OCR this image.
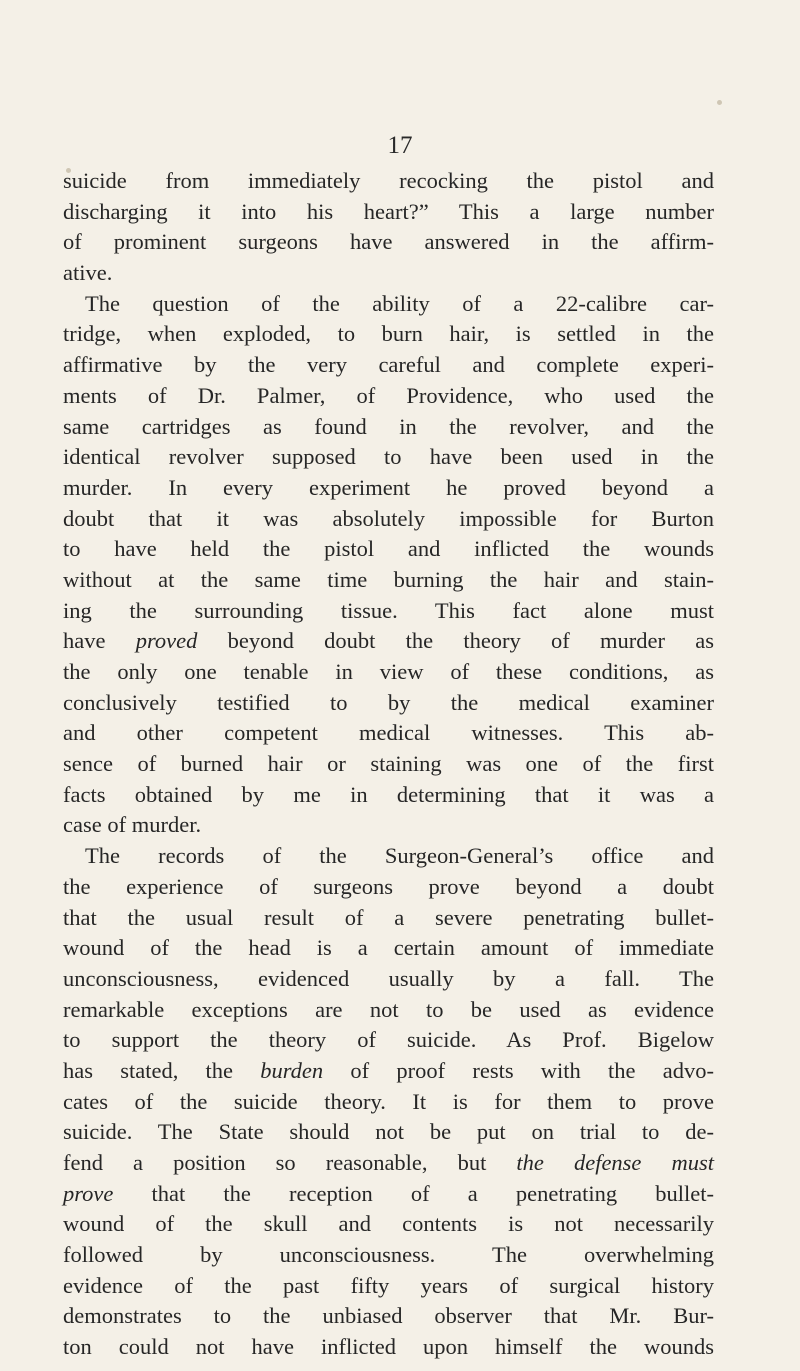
17
suicide from immediately recocking the pistol and
discharging it into his heart?” This a large number
of prominent surgeons have answered in the affirm-
ative.
The question of the ability of a 22-calibre car-
tridge, when exploded, to burn hair, is settled in the
affirmative by the very careful and complete experi-
ments of Dr. Palmer, of Providence, who used the
same cartridges as found in the revolver, and the
identical revolver supposed to have been used in the
murder. In every experiment he proved beyond a
doubt that it was absolutely impossible for Burton
to have held the pistol and inflicted the wounds
without at the same time burning the hair and stain-
ing the surrounding tissue. This fact alone must
have proved beyond doubt the theory of murder as
the only one tenable in view of these conditions, as
conclusively testified to by the medical examiner
and other competent medical witnesses. This ab-
sence of burned hair or staining was one of the first
facts obtained by me in determining that it was a
case of murder.
The records of the Surgeon-General’s office and
the experience of surgeons prove beyond a doubt
that the usual result of a severe penetrating bullet-
wound of the head is a certain amount of immediate
unconsciousness, evidenced usually by a fall. The
remarkable exceptions are not to be used as evidence
to support the theory of suicide. As Prof. Bigelow
has stated, the burden of proof rests with the advo-
cates of the suicide theory. It is for them to prove
suicide. The State should not be put on trial to de-
fend a position so reasonable, but the defense must
prove that the reception of a penetrating bullet-
wound of the skull and contents is not necessarily
followed by unconsciousness. The overwhelming
evidence of the past fifty years of surgical history
demonstrates to the unbiased observer that Mr. Bur-
ton could not have inflicted upon himself the wounds
